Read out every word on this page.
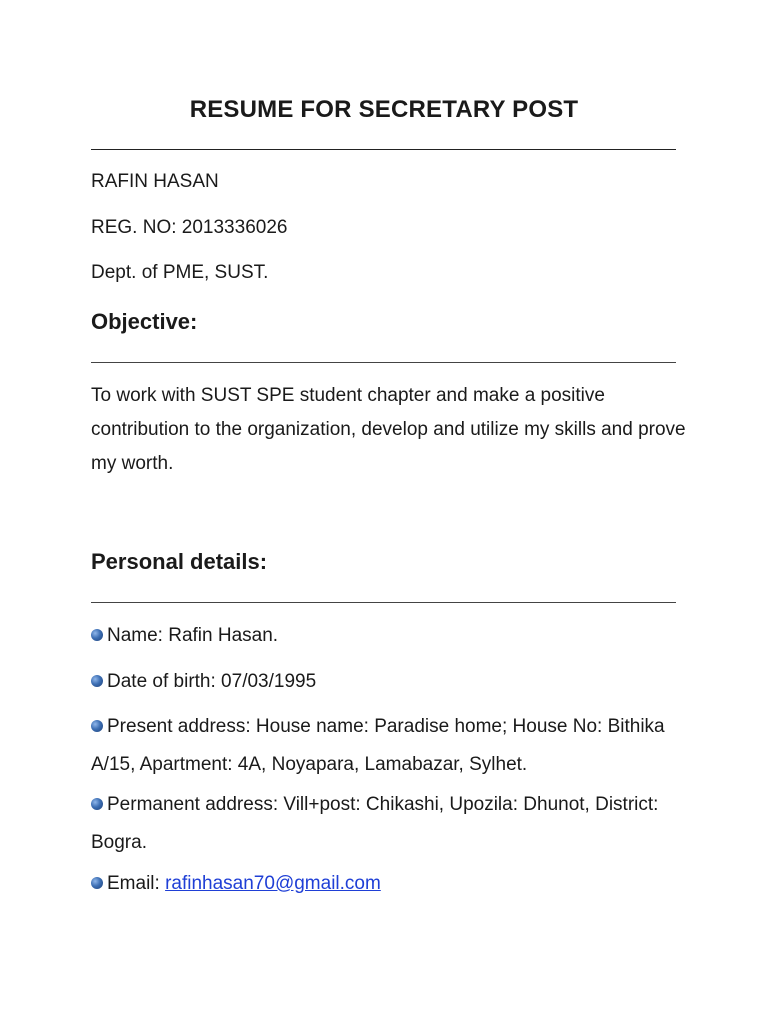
RESUME FOR SECRETARY POST
RAFIN HASAN
REG. NO: 2013336026
Dept. of PME, SUST.
Objective:
To work with SUST SPE student chapter and make a positive contribution to the organization, develop and utilize my skills and prove my worth.
Personal details:
Name: Rafin Hasan.
Date of birth: 07/03/1995
Present address: House name: Paradise home; House No: Bithika A/15, Apartment: 4A, Noyapara, Lamabazar, Sylhet.
Permanent address: Vill+post: Chikashi, Upozila: Dhunot, District: Bogra.
Email: rafinhasan70@gmail.com
